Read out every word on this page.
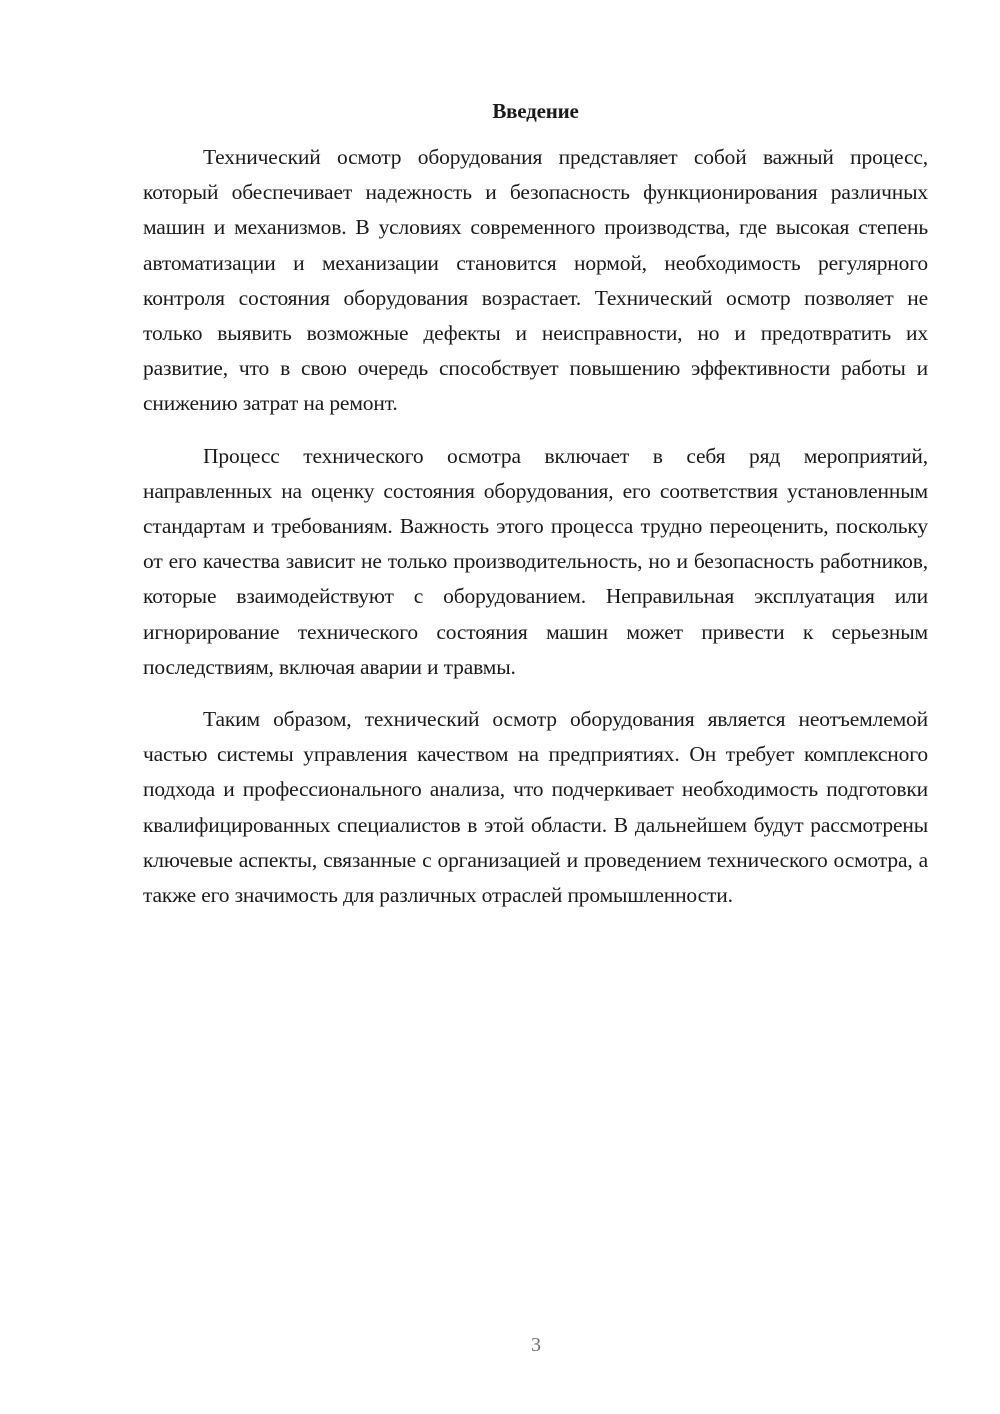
Введение

Технический осмотр оборудования представляет собой важный процесс, который обеспечивает надежность и безопасность функционирования различных машин и механизмов. В условиях современного производства, где высокая степень автоматизации и механизации становится нормой, необходимость регулярного контроля состояния оборудования возрастает. Технический осмотр позволяет не только выявить возможные дефекты и неисправности, но и предотвратить их развитие, что в свою очередь способствует повышению эффективности работы и снижению затрат на ремонт.

Процесс технического осмотра включает в себя ряд мероприятий, направленных на оценку состояния оборудования, его соответствия установленным стандартам и требованиям. Важность этого процесса трудно переоценить, поскольку от его качества зависит не только производительность, но и безопасность работников, которые взаимодействуют с оборудованием. Неправильная эксплуатация или игнорирование технического состояния машин может привести к серьезным последствиям, включая аварии и травмы.

Таким образом, технический осмотр оборудования является неотъемлемой частью системы управления качеством на предприятиях. Он требует комплексного подхода и профессионального анализа, что подчеркивает необходимость подготовки квалифицированных специалистов в этой области. В дальнейшем будут рассмотрены ключевые аспекты, связанные с организацией и проведением технического осмотра, а также его значимость для различных отраслей промышленности.

3
